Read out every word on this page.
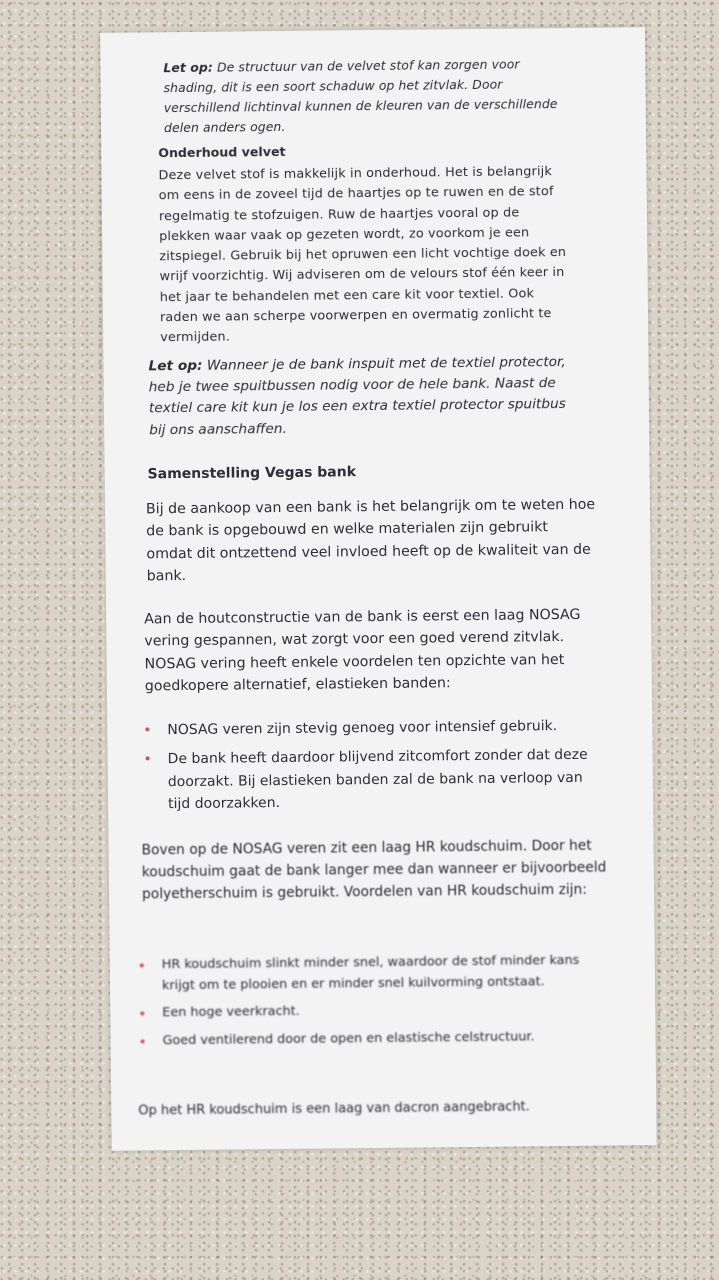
Let op: De structuur van de velvet stof kan zorgen voor shading, dit is een soort schaduw op het zitvlak. Door verschillend lichtinval kunnen de kleuren van de verschillende delen anders ogen.
Onderhoud velvet
Deze velvet stof is makkelijk in onderhoud. Het is belangrijk om eens in de zoveel tijd de haartjes op te ruwen en de stof regelmatig te stofzuigen. Ruw de haartjes vooral op de plekken waar vaak op gezeten wordt, zo voorkom je een zitspiegel. Gebruik bij het opruwen een licht vochtige doek en wrijf voorzichtig. Wij adviseren om de velours stof één keer in het jaar te behandelen met een care kit voor textiel. Ook raden we aan scherpe voorwerpen en overmatig zonlicht te vermijden.
Let op: Wanneer je de bank inspuit met de textiel protector, heb je twee spuitbussen nodig voor de hele bank. Naast de textiel care kit kun je los een extra textiel protector spuitbus bij ons aanschaffen.
Samenstelling Vegas bank
Bij de aankoop van een bank is het belangrijk om te weten hoe de bank is opgebouwd en welke materialen zijn gebruikt omdat dit ontzettend veel invloed heeft op de kwaliteit van de bank.
Aan de houtconstructie van de bank is eerst een laag NOSAG vering gespannen, wat zorgt voor een goed verend zitvlak. NOSAG vering heeft enkele voordelen ten opzichte van het goedkopere alternatief, elastieken banden:
NOSAG veren zijn stevig genoeg voor intensief gebruik.
De bank heeft daardoor blijvend zitcomfort zonder dat deze doorzakt. Bij elastieken banden zal de bank na verloop van tijd doorzakken.
Boven op de NOSAG veren zit een laag HR koudschuim. Door het koudschuim gaat de bank langer mee dan wanneer er bijvoorbeeld polyetherschuim is gebruikt. Voordelen van HR koudschuim zijn:
HR koudschuim slinkt minder snel, waardoor de stof minder kans krijgt om te plooien en er minder snel kuilvorming ontstaat.
Een hoge veerkracht.
Goed ventilerend door de open en elastische celstructuur.
Op het HR koudschuim is een laag van dacron aangebracht.
